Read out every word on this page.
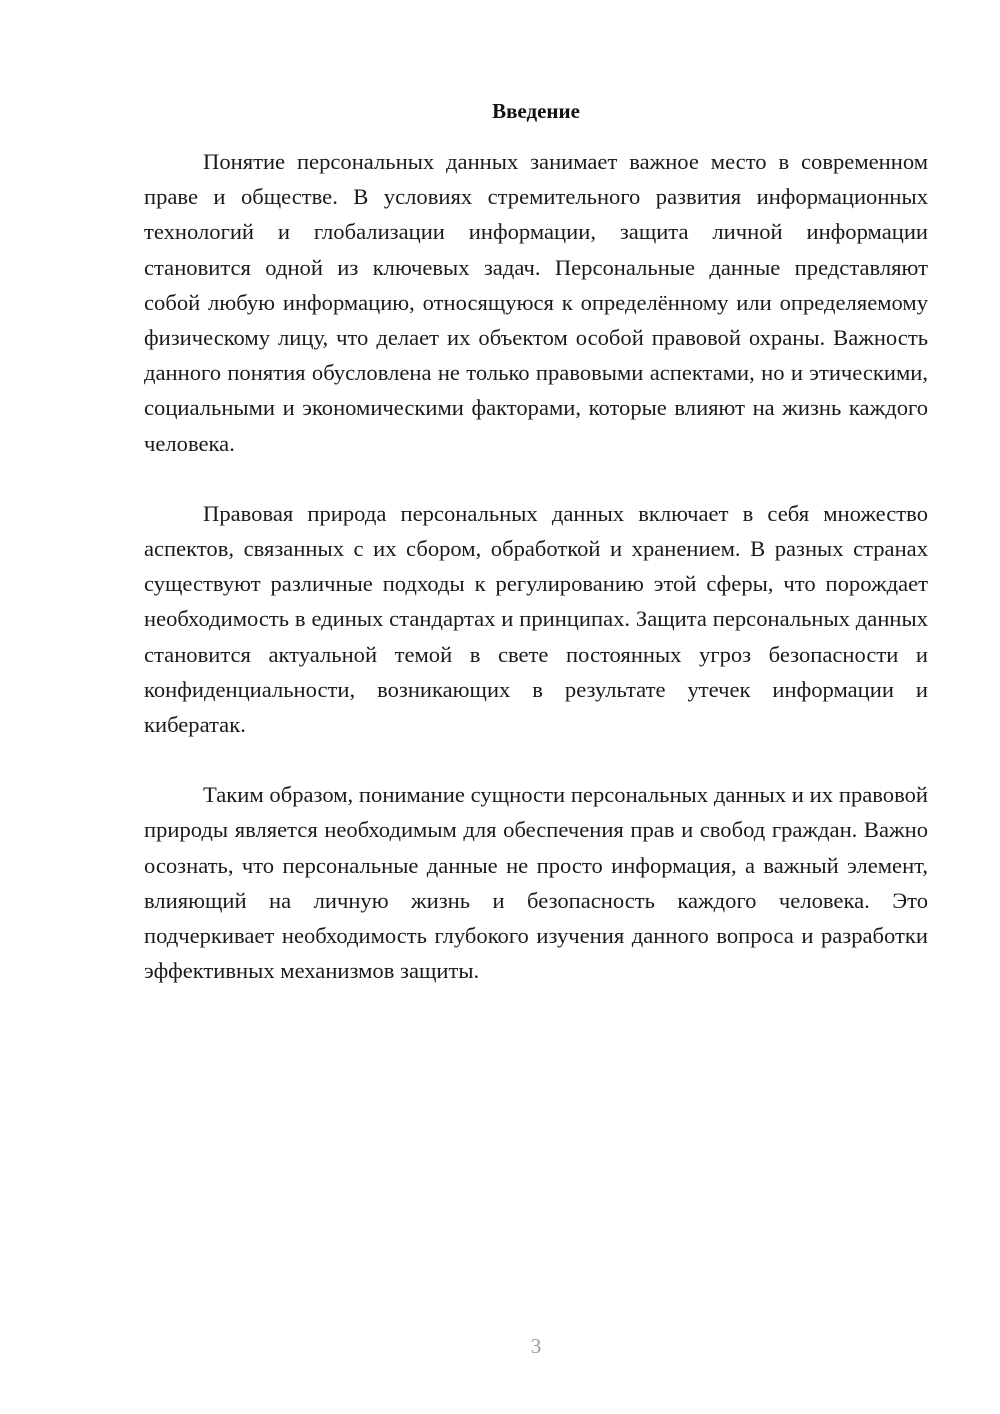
Введение

Понятие персональных данных занимает важное место в современном праве и обществе. В условиях стремительного развития информационных технологий и глобализации информации, защита личной информации становится одной из ключевых задач. Персональные данные представляют собой любую информацию, относящуюся к определённому или определяемому физическому лицу, что делает их объектом особой правовой охраны. Важность данного понятия обусловлена не только правовыми аспектами, но и этическими, социальными и экономическими факторами, которые влияют на жизнь каждого человека.

Правовая природа персональных данных включает в себя множество аспектов, связанных с их сбором, обработкой и хранением. В разных странах существуют различные подходы к регулированию этой сферы, что порождает необходимость в единых стандартах и принципах. Защита персональных данных становится актуальной темой в свете постоянных угроз безопасности и конфиденциальности, возникающих в результате утечек информации и кибератак.

Таким образом, понимание сущности персональных данных и их правовой природы является необходимым для обеспечения прав и свобод граждан. Важно осознать, что персональные данные не просто информация, а важный элемент, влияющий на личную жизнь и безопасность каждого человека. Это подчеркивает необходимость глубокого изучения данного вопроса и разработки эффективных механизмов защиты.

3
